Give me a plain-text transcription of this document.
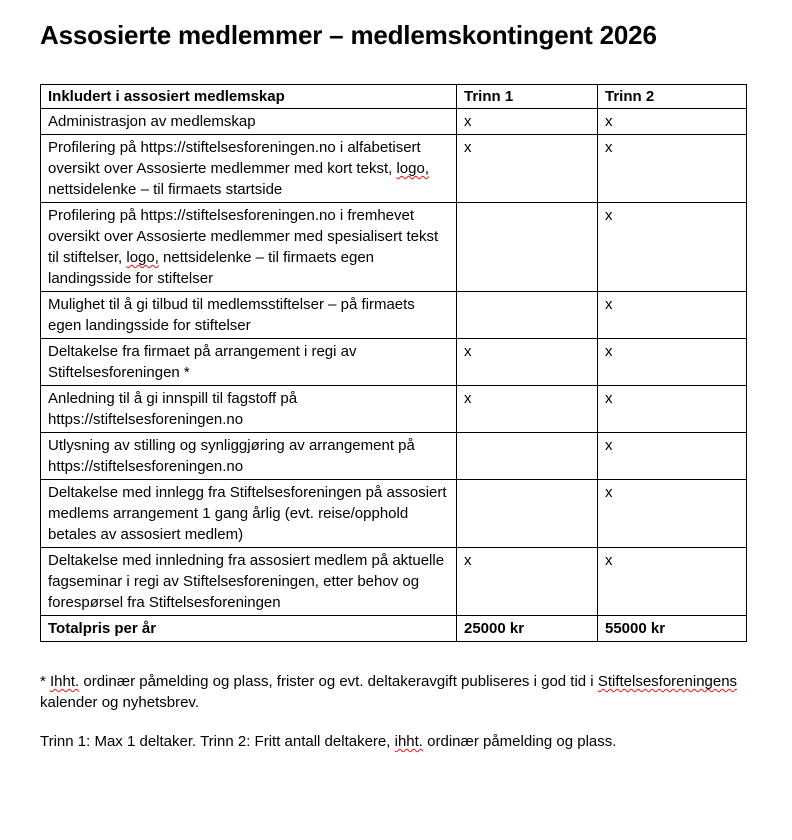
Assosierte medlemmer – medlemskontingent 2026
Inkludert i assosiert medlemskap	Trinn 1	Trinn 2
Administrasjon av medlemskap	x	x
Profilering på https://stiftelsesforeningen.no i alfabetisert oversikt over Assosierte medlemmer med kort tekst, logo, nettsidelenke – til firmaets startside	x	x
Profilering på https://stiftelsesforeningen.no i fremhevet oversikt over Assosierte medlemmer med spesialisert tekst til stiftelser, logo, nettsidelenke – til firmaets egen landingsside for stiftelser		x
Mulighet til å gi tilbud til medlemsstiftelser – på firmaets egen landingsside for stiftelser		x
Deltakelse fra firmaet på arrangement i regi av Stiftelsesforeningen *	x	x
Anledning til å gi innspill til fagstoff på https://stiftelsesforeningen.no	x	x
Utlysning av stilling og synliggjøring av arrangement på https://stiftelsesforeningen.no		x
Deltakelse med innlegg fra Stiftelsesforeningen på assosiert medlems arrangement 1 gang årlig (evt. reise/opphold betales av assosiert medlem)		x
Deltakelse med innledning fra assosiert medlem på aktuelle fagseminar i regi av Stiftelsesforeningen, etter behov og forespørsel fra Stiftelsesforeningen	x	x
Totalpris per år	25000 kr	55000 kr

* Ihht. ordinær påmelding og plass, frister og evt. deltakeravgift publiseres i god tid i Stiftelsesforeningens kalender og nyhetsbrev.

Trinn 1: Max 1 deltaker. Trinn 2: Fritt antall deltakere, ihht. ordinær påmelding og plass.
